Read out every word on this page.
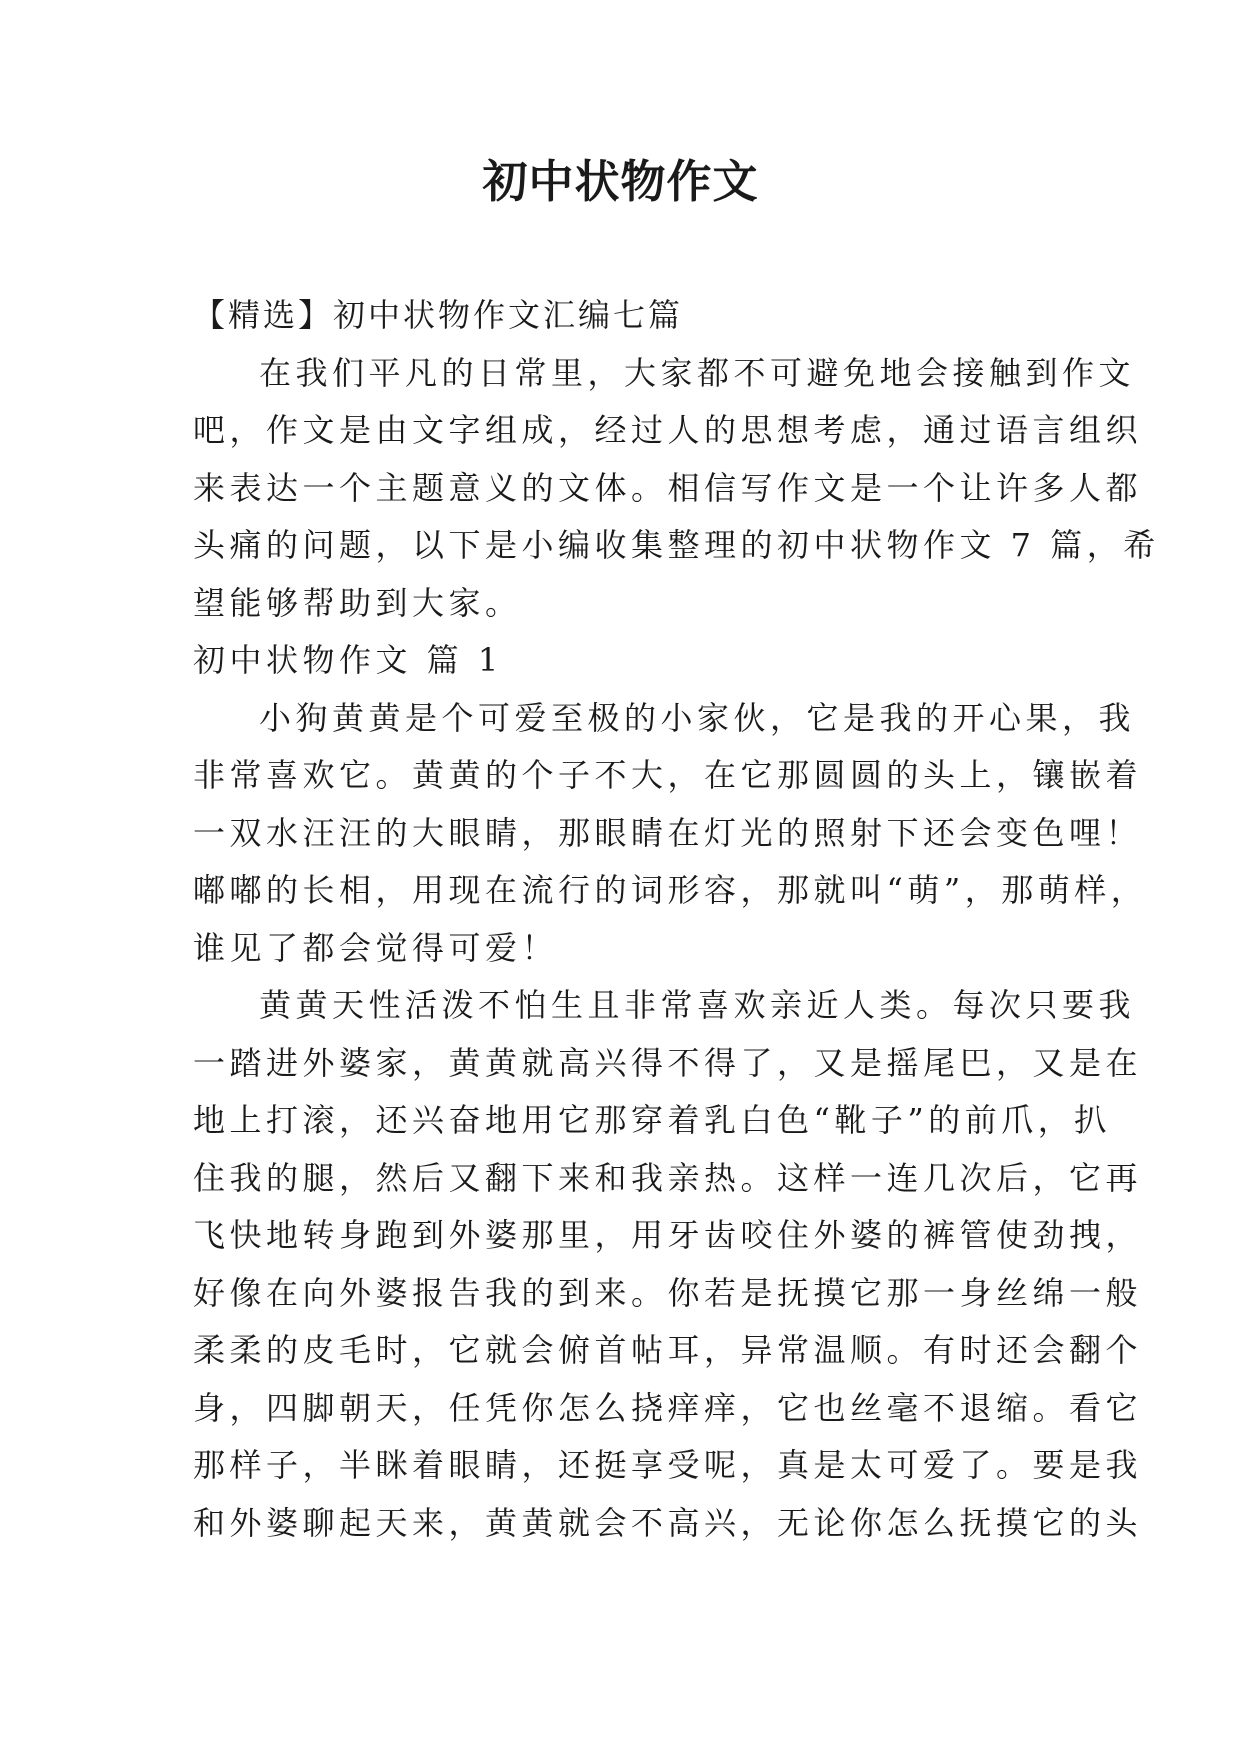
初中状物作文
【精选】初中状物作文汇编七篇

在我们平凡的日常里，大家都不可避免地会接触到作文
吧，作文是由文字组成，经过人的思想考虑，通过语言组织
来表达一个主题意义的文体。相信写作文是一个让许多人都
头痛的问题，以下是小编收集整理的初中状物作文 7 篇，希
望能够帮助到大家。

初中状物作文 篇 1

小狗黄黄是个可爱至极的小家伙，它是我的开心果，我
非常喜欢它。黄黄的个子不大，在它那圆圆的头上，镶嵌着
一双水汪汪的大眼睛，那眼睛在灯光的照射下还会变色哩！
嘟嘟的长相，用现在流行的词形容，那就叫“萌”，那萌样，
谁见了都会觉得可爱！

黄黄天性活泼不怕生且非常喜欢亲近人类。每次只要我
一踏进外婆家，黄黄就高兴得不得了，又是摇尾巴，又是在
地上打滚，还兴奋地用它那穿着乳白色“靴子”的前爪，扒
住我的腿，然后又翻下来和我亲热。这样一连几次后，它再
飞快地转身跑到外婆那里，用牙齿咬住外婆的裤管使劲拽，
好像在向外婆报告我的到来。你若是抚摸它那一身丝绵一般
柔柔的皮毛时，它就会俯首帖耳，异常温顺。有时还会翻个
身，四脚朝天，任凭你怎么挠痒痒，它也丝毫不退缩。看它
那样子，半眯着眼睛，还挺享受呢，真是太可爱了。要是我
和外婆聊起天来，黄黄就会不高兴，无论你怎么抚摸它的头
